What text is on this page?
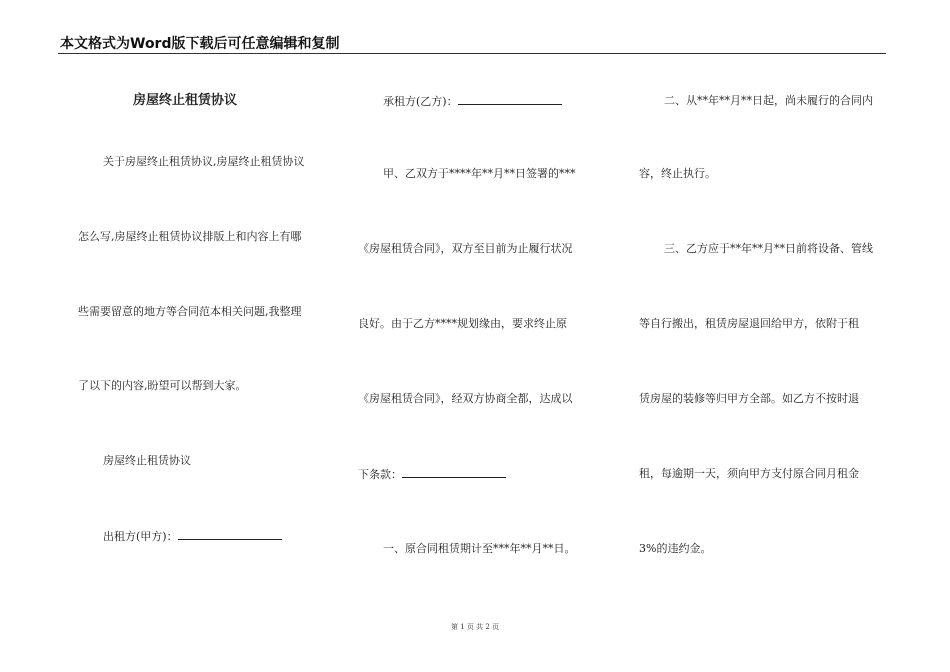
本文格式为Word版下载后可任意编辑和复制
房屋终止租赁协议
关于房屋终止租赁协议,房屋终止租赁协议
怎么写,房屋终止租赁协议排版上和内容上有哪
些需要留意的地方等合同范本相关问题,我整理
了以下的内容,盼望可以帮到大家。
房屋终止租赁协议
出租方(甲方)：
承租方(乙方)：
甲、乙双方于****年**月**日签署的***
《房屋租赁合同》，双方至目前为止履行状况
良好。由于乙方****规划缘由，要求终止原
《房屋租赁合同》，经双方协商全都，达成以
下条款：
一、原合同租赁期计至***年**月**日。
二、从**年**月**日起，尚未履行的合同内
容，终止执行。
三、乙方应于**年**月**日前将设备、管线
等自行搬出，租赁房屋退回给甲方，依附于租
赁房屋的装修等归甲方全部。如乙方不按时退
租，每逾期一天，须向甲方支付原合同月租金
3%的违约金。
第 1 页 共 2 页
